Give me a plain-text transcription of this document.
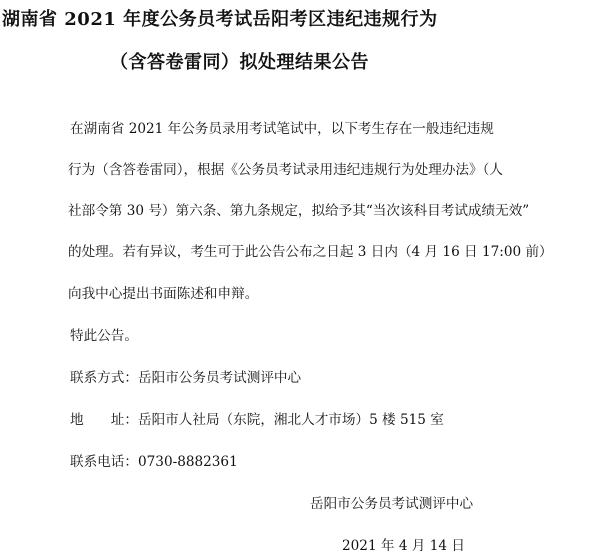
湖南省 2021 年度公务员考试岳阳考区违纪违规行为
（含答卷雷同）拟处理结果公告
在湖南省 2021 年公务员录用考试笔试中，以下考生存在一般违纪违规
行为（含答卷雷同），根据《公务员考试录用违纪违规行为处理办法》（人
社部令第 30 号）第六条、第九条规定，拟给予其“当次该科目考试成绩无效”
的处理。若有异议，考生可于此公告公布之日起 3 日内（4 月 16 日 17:00 前）
向我中心提出书面陈述和申辩。
特此公告。
联系方式：岳阳市公务员考试测评中心
地　　址：岳阳市人社局（东院，湘北人才市场）5 楼 515 室
联系电话：0730-8882361
岳阳市公务员考试测评中心
2021 年 4 月 14 日
